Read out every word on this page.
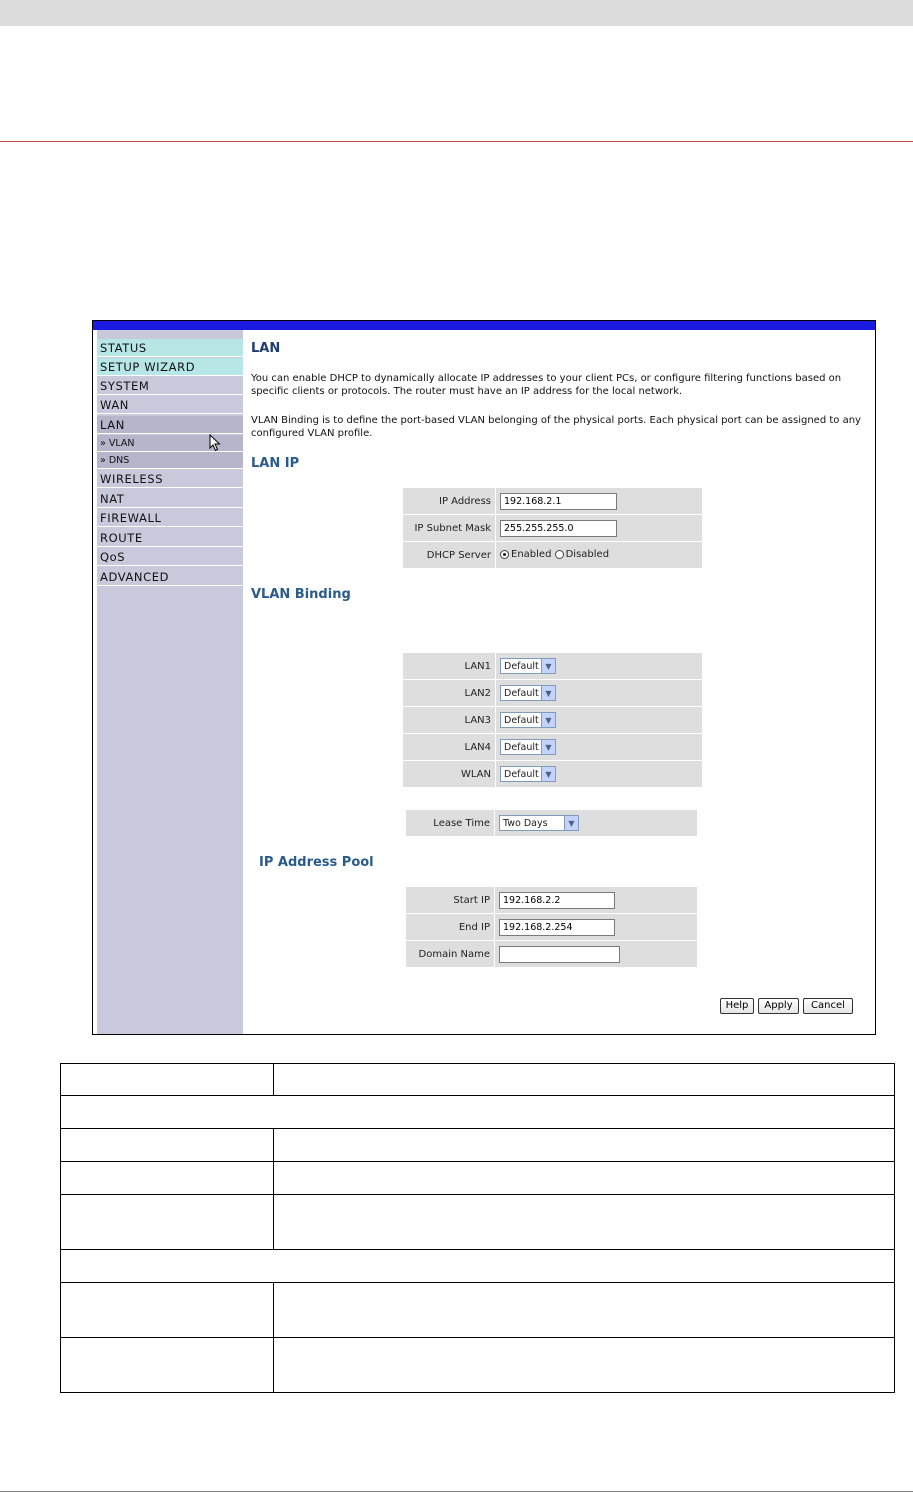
STATUS
SETUP WIZARD
SYSTEM
WAN
LAN
» VLAN
» DNS
WIRELESS
NAT
FIREWALL
ROUTE
QoS
ADVANCED
LAN

You can enable DHCP to dynamically allocate IP addresses to your client PCs, or configure filtering functions based on specific clients or protocols. The router must have an IP address for the local network.

VLAN Binding is to define the port-based VLAN belonging of the physical ports. Each physical port can be assigned to any configured VLAN profile.

LAN IP
IP Address	192.168.2.1
IP Subnet Mask	255.255.255.0
DHCP Server	Enabled
Disabled
VLAN Binding
LAN1	Default ▼

LAN2	Default ▼

LAN3	Default ▼

LAN4	Default ▼

WLAN	Default ▼
Lease Time	Two Days	▼
IP Address Pool
Start IP	192.168.2.2
End IP	192.168.2.254
Domain Name	
Help	Apply	Cancel
